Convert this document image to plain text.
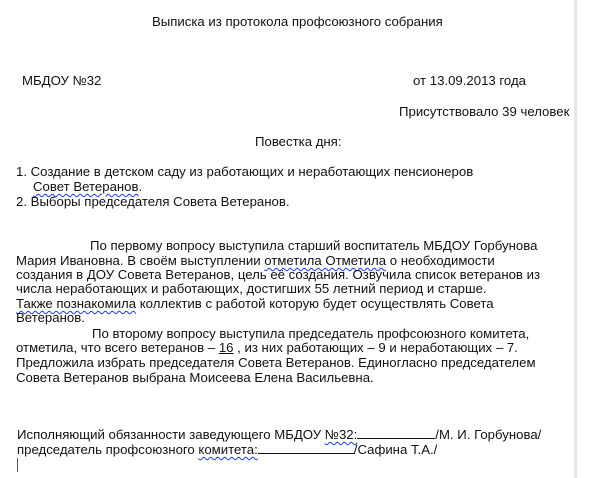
Выписка из протокола профсоюзного собрания
МБДОУ №32	от 13.09.2013 года
Присутствовало 39 человек
Повестка дня:
1. Создание в детском саду из работающих и неработающих пенсионеров
Совет Ветеранов.
2. Выборы председателя Совета Ветеранов.
По первому вопросу выступила старший воспитатель МБДОУ Горбунова
Мария Ивановна. В своём выступлении отметила Отметила о необходимости
создания в ДОУ Совета Ветеранов, цель её создания. Озвучила список ветеранов из
числа неработающих и работающих, достигших 55 летний период и старше.
Также познакомила коллектив с работой которую будет осуществлять Совета
Ветеранов.
По второму вопросу выступила председатель профсоюзного комитета,
отметила, что всего ветеранов – 16 , из них работающих – 9 и неработающих – 7.
Предложила избрать председателя Совета Ветеранов. Единогласно председателем
Совета Ветеранов выбрана Моисеева Елена Васильевна.
Исполняющий обязанности заведующего МБДОУ №32:	/М. И. Горбунова/
председатель профсоюзного комитета:	/Сафина Т.А./
